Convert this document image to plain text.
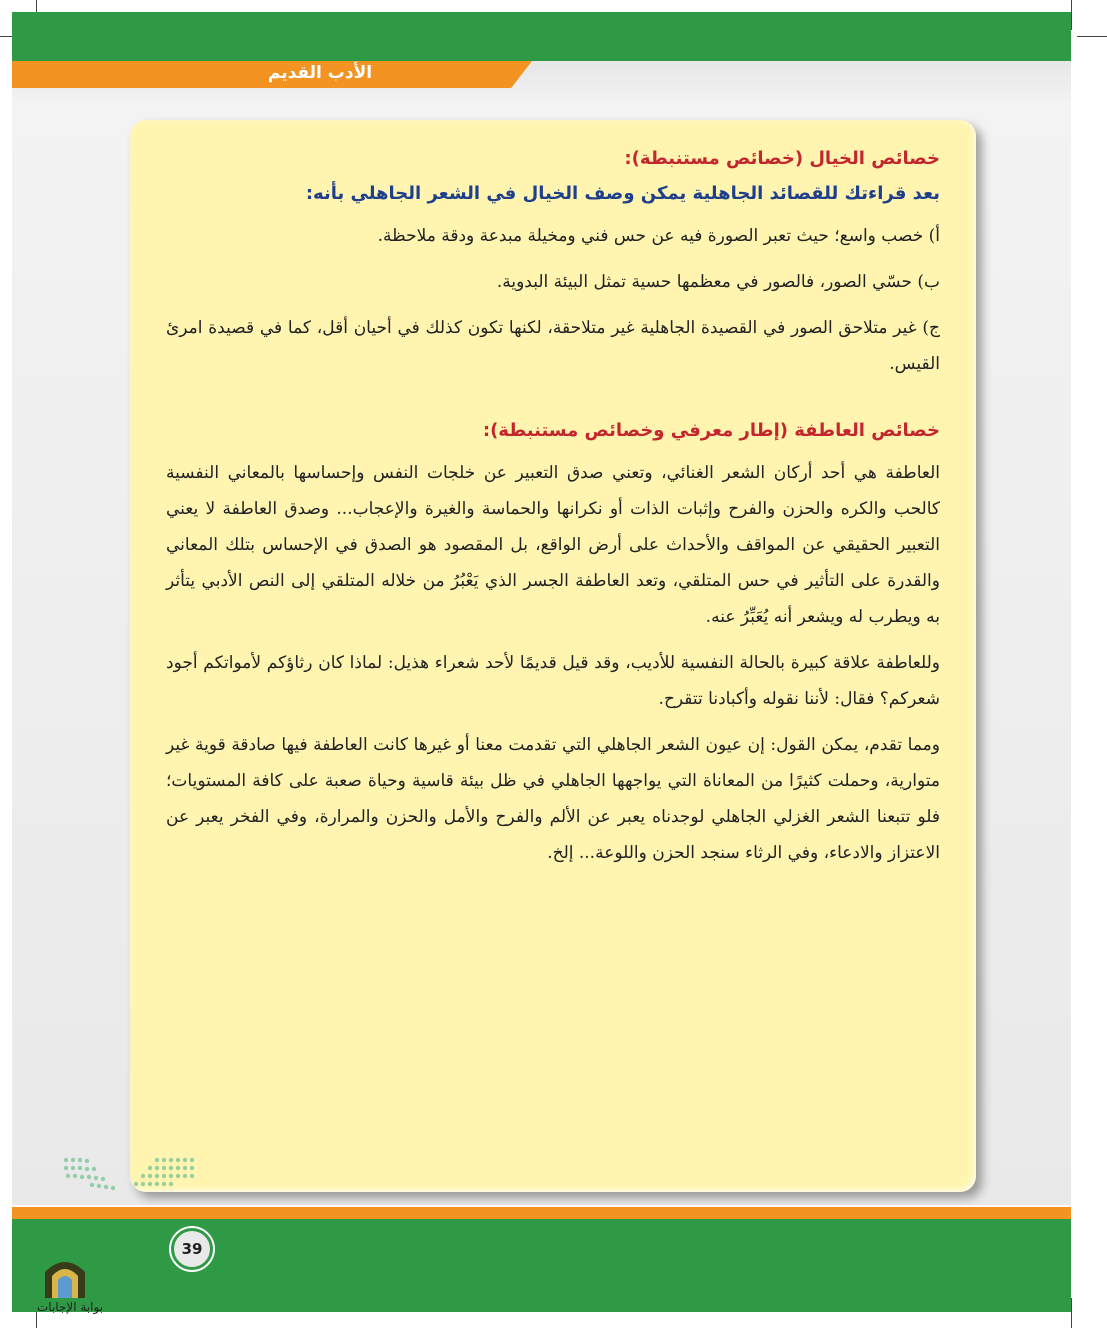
الأدب القديم
خصائص الخيال (خصائص مستنبطة):
بعد قراءتك للقصائد الجاهلية يمكن وصف الخيال في الشعر الجاهلي بأنه:

أ) خصب واسع؛ حيث تعبر الصورة فيه عن حس فني ومخيلة مبدعة ودقة ملاحظة.

ب) حسّي الصور، فالصور في معظمها حسية تمثل البيئة البدوية.

ج) غير متلاحق الصور في القصيدة الجاهلية غير متلاحقة، لكنها تكون كذلك في أحيان أقل، كما في قصيدة امرئ القيس.

خصائص العاطفة (إطار معرفي وخصائص مستنبطة):

العاطفة هي أحد أركان الشعر الغنائي، وتعني صدق التعبير عن خلجات النفس وإحساسها بالمعاني النفسية كالحب والكره والحزن والفرح وإثبات الذات أو نكرانها والحماسة والغيرة والإعجاب... وصدق العاطفة لا يعني التعبير الحقيقي عن المواقف والأحداث على أرض الواقع، بل المقصود هو الصدق في الإحساس بتلك المعاني والقدرة على التأثير في حس المتلقي، وتعد العاطفة الجسر الذي يَعْبُرُ من خلاله المتلقي إلى النص الأدبي يتأثر به ويطرب له ويشعر أنه يُعَبِّرُ عنه.

وللعاطفة علاقة كبيرة بالحالة النفسية للأديب، وقد قيل قديمًا لأحد شعراء هذيل: لماذا كان رثاؤكم لأمواتكم أجود شعركم؟ فقال: لأننا نقوله وأكبادنا تتقرح.

ومما تقدم، يمكن القول: إن عيون الشعر الجاهلي التي تقدمت معنا أو غيرها كانت العاطفة فيها صادقة قوية غير متوارية، وحملت كثيرًا من المعاناة التي يواجهها الجاهلي في ظل بيئة قاسية وحياة صعبة على كافة المستويات؛ فلو تتبعنا الشعر الغزلي الجاهلي لوجدناه يعبر عن الألم والفرح والأمل والحزن والمرارة، وفي الفخر يعبر عن الاعتزاز والادعاء، وفي الرثاء سنجد الحزن واللوعة... إلخ.

39
بوابة الإجابات
